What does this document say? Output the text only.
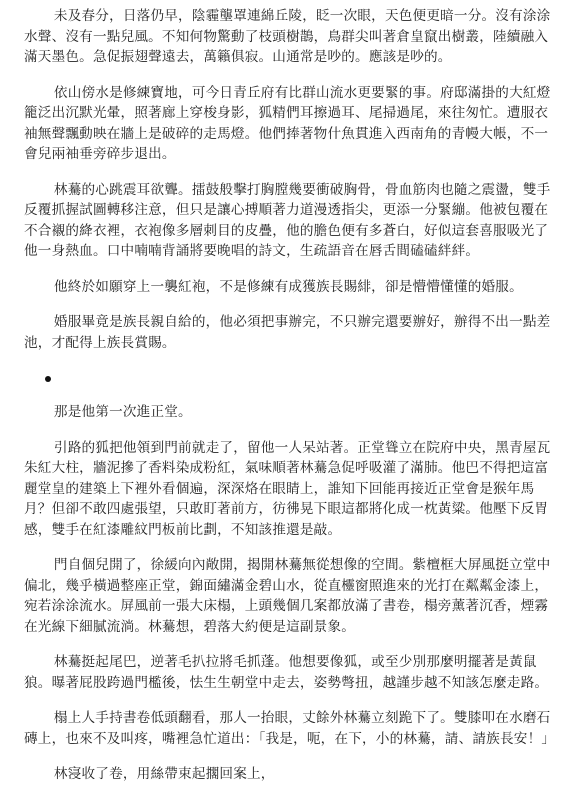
未及春分，日落仍早，陰霾壟罩連綿丘陵，眨一次眼，天色便更暗一分。沒有涂涂水聲、沒有一點兒風。不知何物驚動了枝頭樹鵲，鳥群尖叫著倉皇竄出樹叢，陸續融入滿天墨色。急促振翅聲遠去，萬籟俱寂。山通常是吵的。應該是吵的。

依山傍水是修練寶地，可今日青丘府有比群山流水更要緊的事。府邸滿掛的大紅燈籠泛出沉默光暈，照著廊上穿梭身影，狐精們耳擦過耳、尾掃過尾，來往匆忙。遭服衣袖無聲飄動映在牆上是破碎的走馬燈。他們捧著物什魚貫進入西南角的青幔大帳，不一會兒兩袖垂旁碎步退出。

林驀的心跳震耳欲聾。擂鼓般擊打胸膛幾要衝破胸骨，骨血筋肉也隨之震盪，雙手反覆抓握試圖轉移注意，但只是讓心搏順著力道漫透指尖，更添一分緊繃。他被包覆在不合襯的絳衣裡，衣袍像多層刺目的皮疊，他的膽色便有多蒼白，好似這套喜服吸光了他一身熱血。口中喃喃背誦將要晚唱的詩文，生疏語音在唇舌間磕磕絆絆。

他終於如願穿上一襲紅袍，不是修練有成獲族長賜緋，卻是懵懵懂懂的婚服。

婚服畢竟是族長親自給的，他必須把事辦完，不只辦完還要辦好，辦得不出一點差池，才配得上族長賞賜。

那是他第一次進正堂。

引路的狐把他領到門前就走了，留他一人呆站著。正堂聳立在院府中央，黑青屋瓦朱紅大柱，牆泥摻了香料染成粉紅，氣味順著林驀急促呼吸灌了滿肺。他巴不得把這富麗堂皇的建築上下裡外看個遍，深深烙在眼睛上，誰知下回能再接近正堂會是猴年馬月？但卻不敢四處張望，只敢盯著前方，彷彿晃下眼這都將化成一枕黃粱。他壓下反胃感，雙手在紅漆雕紋門板前比劃，不知該推還是敲。

門自個兒開了，徐緩向內敞開，揭開林驀無從想像的空間。紫檀框大屏風挺立堂中偏北，幾乎橫過整座正堂，錦面繡滿金碧山水，從直欞窗照進來的光打在粼粼金漆上，宛若涂涂流水。屏風前一張大床榻，上頭幾個几案都放滿了書卷，榻旁薰著沉香，煙霧在光線下細膩流淌。林驀想，碧落大約便是這副景象。

林驀挺起尾巴，逆著毛扒拉將毛抓蓬。他想要像狐，或至少別那麼明擺著是黃鼠狼。曝著屁股跨過門檻後，怯生生朝堂中走去，姿勢彆扭，越謹步越不知該怎麼走路。

榻上人手持書卷低頭翻看，那人一抬眼，丈餘外林驀立刻跪下了。雙膝叩在水磨石磚上，也來不及叫疼，嘴裡急忙道出：「我是，呃，在下，小的林驀，請、請族長安！」

林寖收了卷，用絲帶束起擱回案上，
